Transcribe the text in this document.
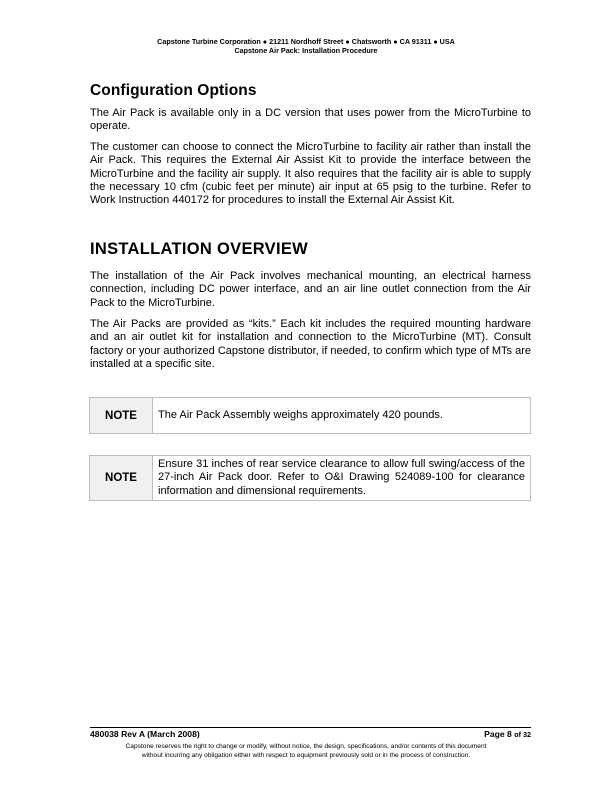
Capstone Turbine Corporation ● 21211 Nordhoff Street ● Chatsworth ● CA 91311 ● USA
Capstone Air Pack: Installation Procedure
Configuration Options

The Air Pack is available only in a DC version that uses power from the MicroTurbine to operate.

The customer can choose to connect the MicroTurbine to facility air rather than install the Air Pack. This requires the External Air Assist Kit to provide the interface between the MicroTurbine and the facility air supply. It also requires that the facility air is able to supply the necessary 10 cfm (cubic feet per minute) air input at 65 psig to the turbine. Refer to Work Instruction 440172 for procedures to install the External Air Assist Kit.

INSTALLATION OVERVIEW

The installation of the Air Pack involves mechanical mounting, an electrical harness connection, including DC power interface, and an air line outlet connection from the Air Pack to the MicroTurbine.

The Air Packs are provided as “kits.” Each kit includes the required mounting hardware and an air outlet kit for installation and connection to the MicroTurbine (MT). Consult factory or your authorized Capstone distributor, if needed, to confirm which type of MTs are installed at a specific site.

NOTE	The Air Pack Assembly weighs approximately 420 pounds.
NOTE	Ensure 31 inches of rear service clearance to allow full swing/access of the 27-inch Air Pack door. Refer to O&I Drawing 524089-100 for clearance information and dimensional requirements.
480038 Rev A (March 2008)	Page 8 of 32
Capstone reserves the right to change or modify, without notice, the design, specifications, and/or contents of this document
without incurring any obligation either with respect to equipment previously sold or in the process of construction.
